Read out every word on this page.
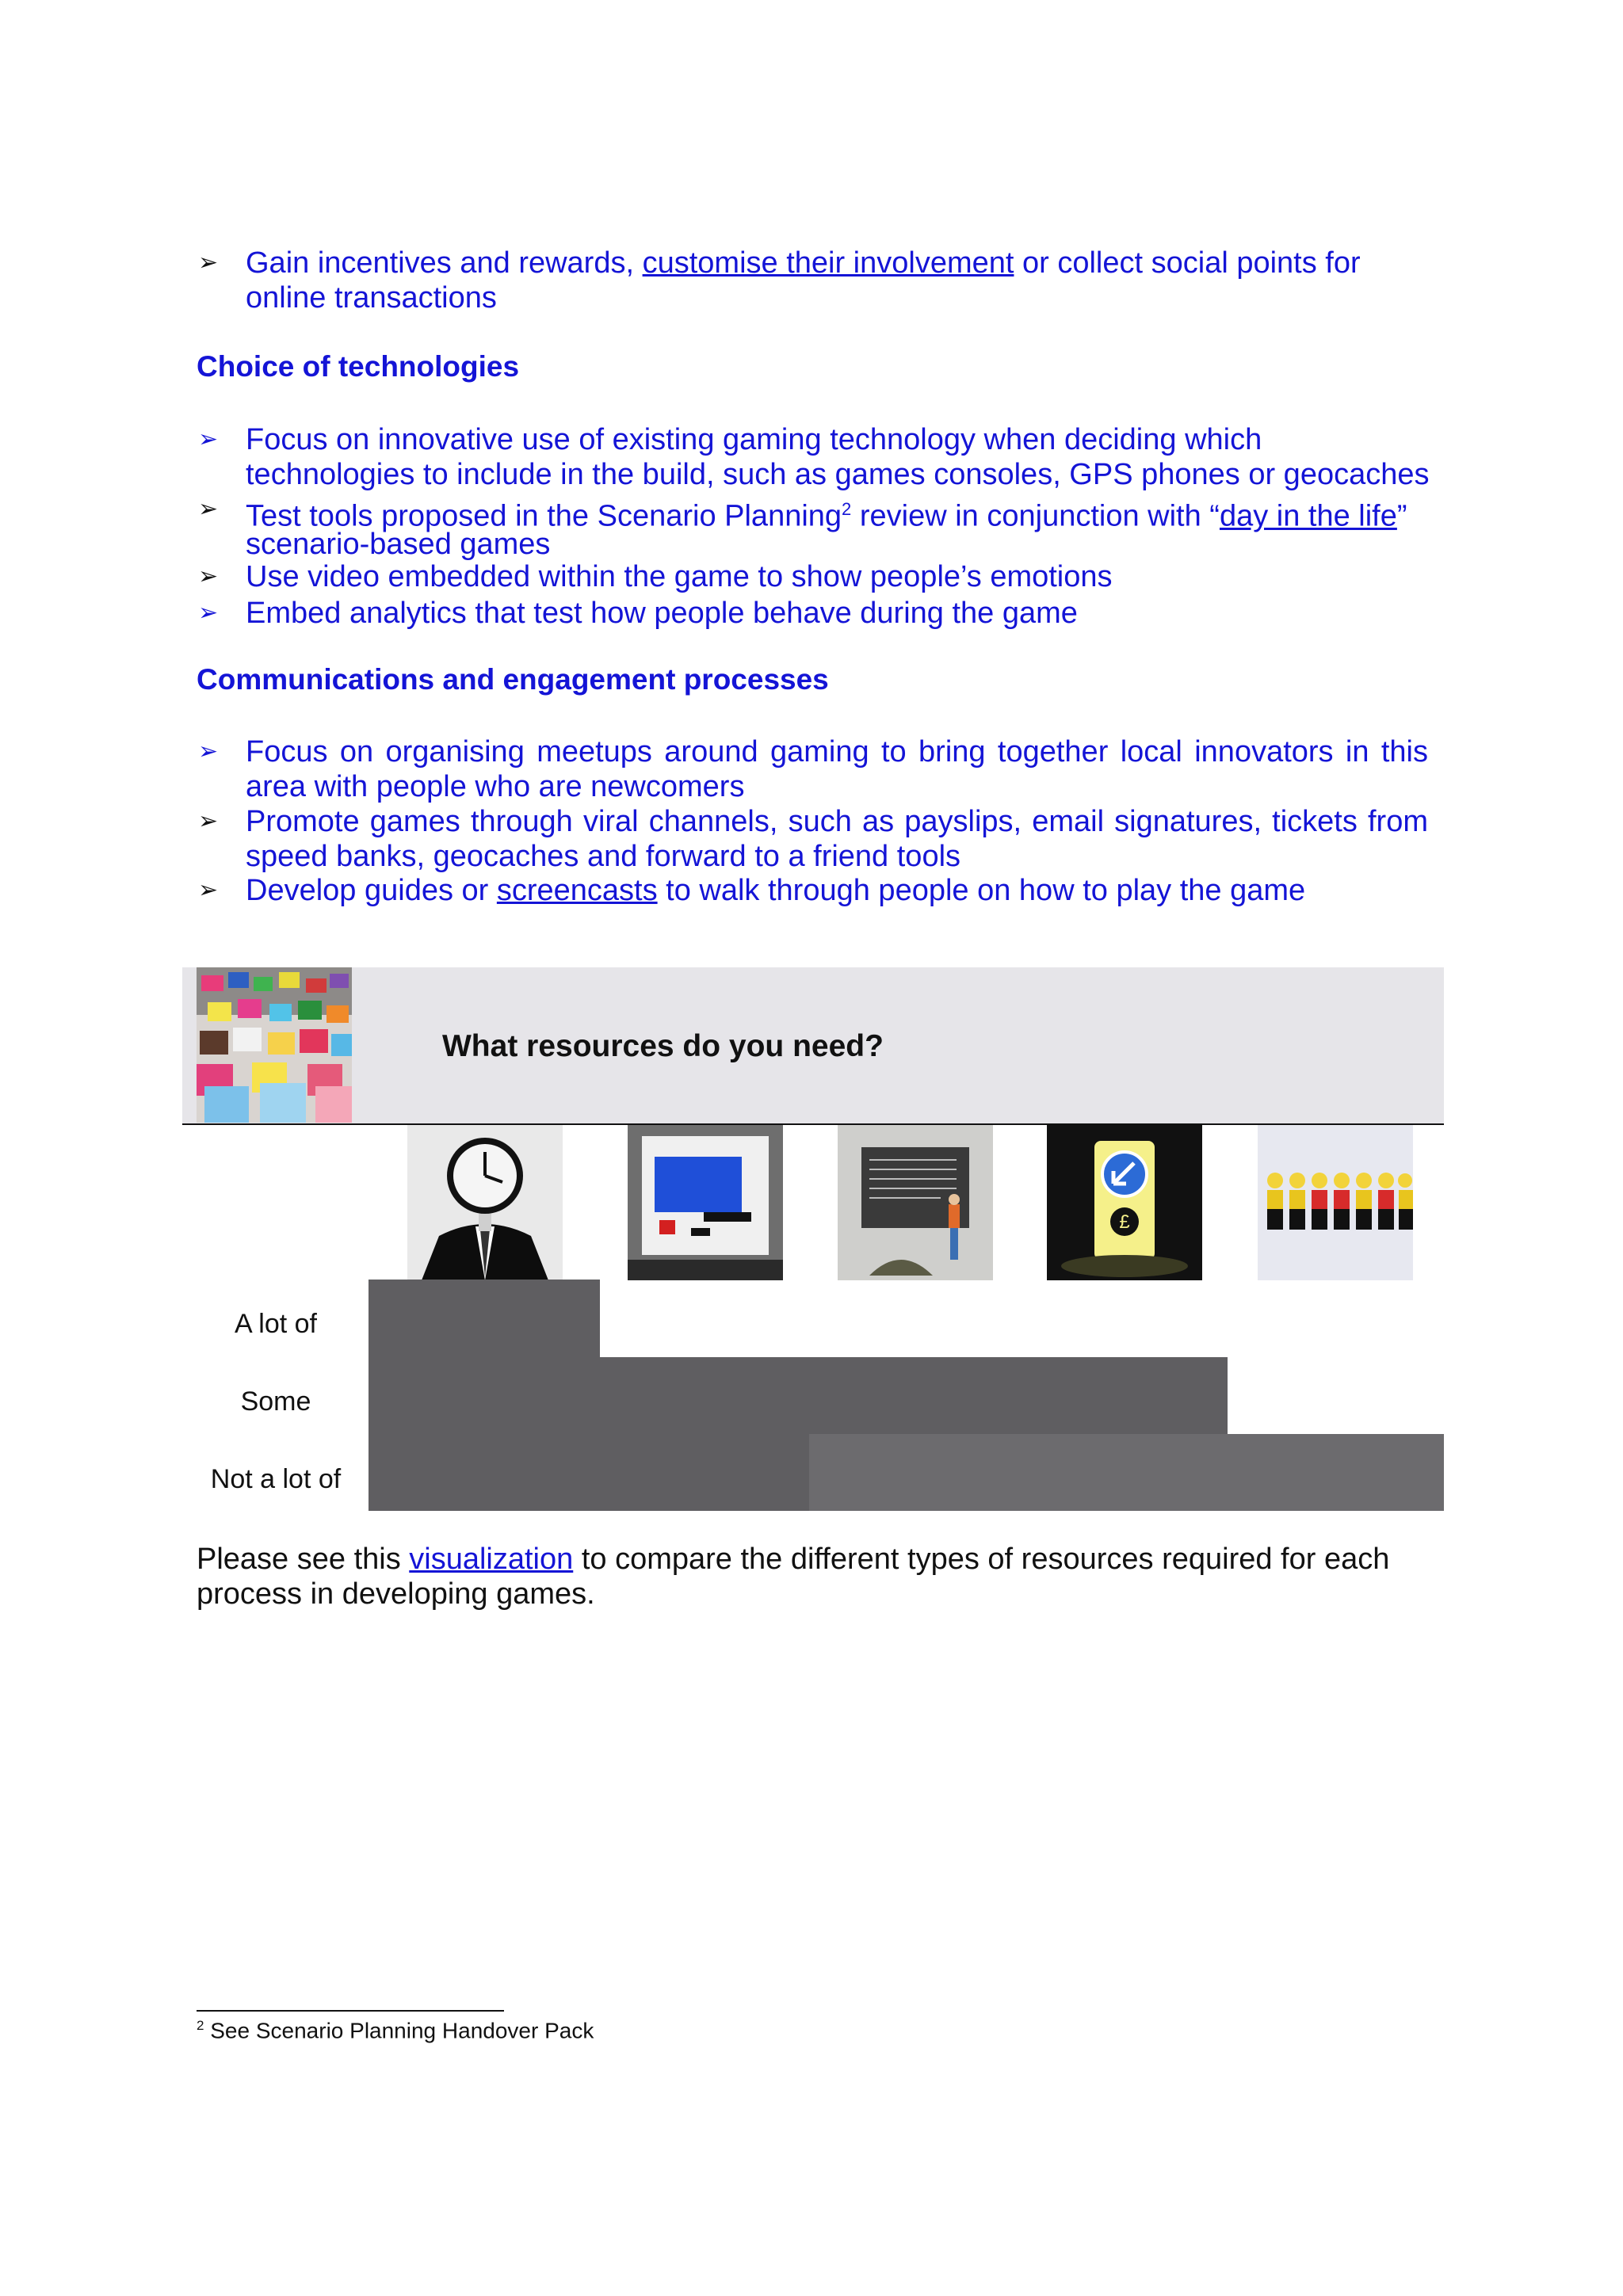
➢ Gain incentives and rewards, customise their involvement or collect social points for
online transactions
Choice of technologies
➢ Focus on innovative use of existing gaming technology when deciding which
technologies to include in the build, such as games consoles, GPS phones or geocaches
➢ Test tools proposed in the Scenario Planning$^2$ review in conjunction with “day in the life”
scenario-based games
➢ Use video embedded within the game to show people’s emotions
➢ Embed analytics that test how people behave during the game
Communications and engagement processes
➢ Focus on organising meetups around gaming to bring together local innovators in this
area with people who are newcomers
➢ Promote games through viral channels, such as payslips, email signatures, tickets from
speed banks, geocaches and forward to a friend tools
➢ Develop guides or screencasts to walk through people on how to play the game
What resources do you need?
£
A lot of
Some
Not a lot of
Please see this visualization to compare the different types of resources required for each
process in developing games.
$^2$ See Scenario Planning Handover Pack
